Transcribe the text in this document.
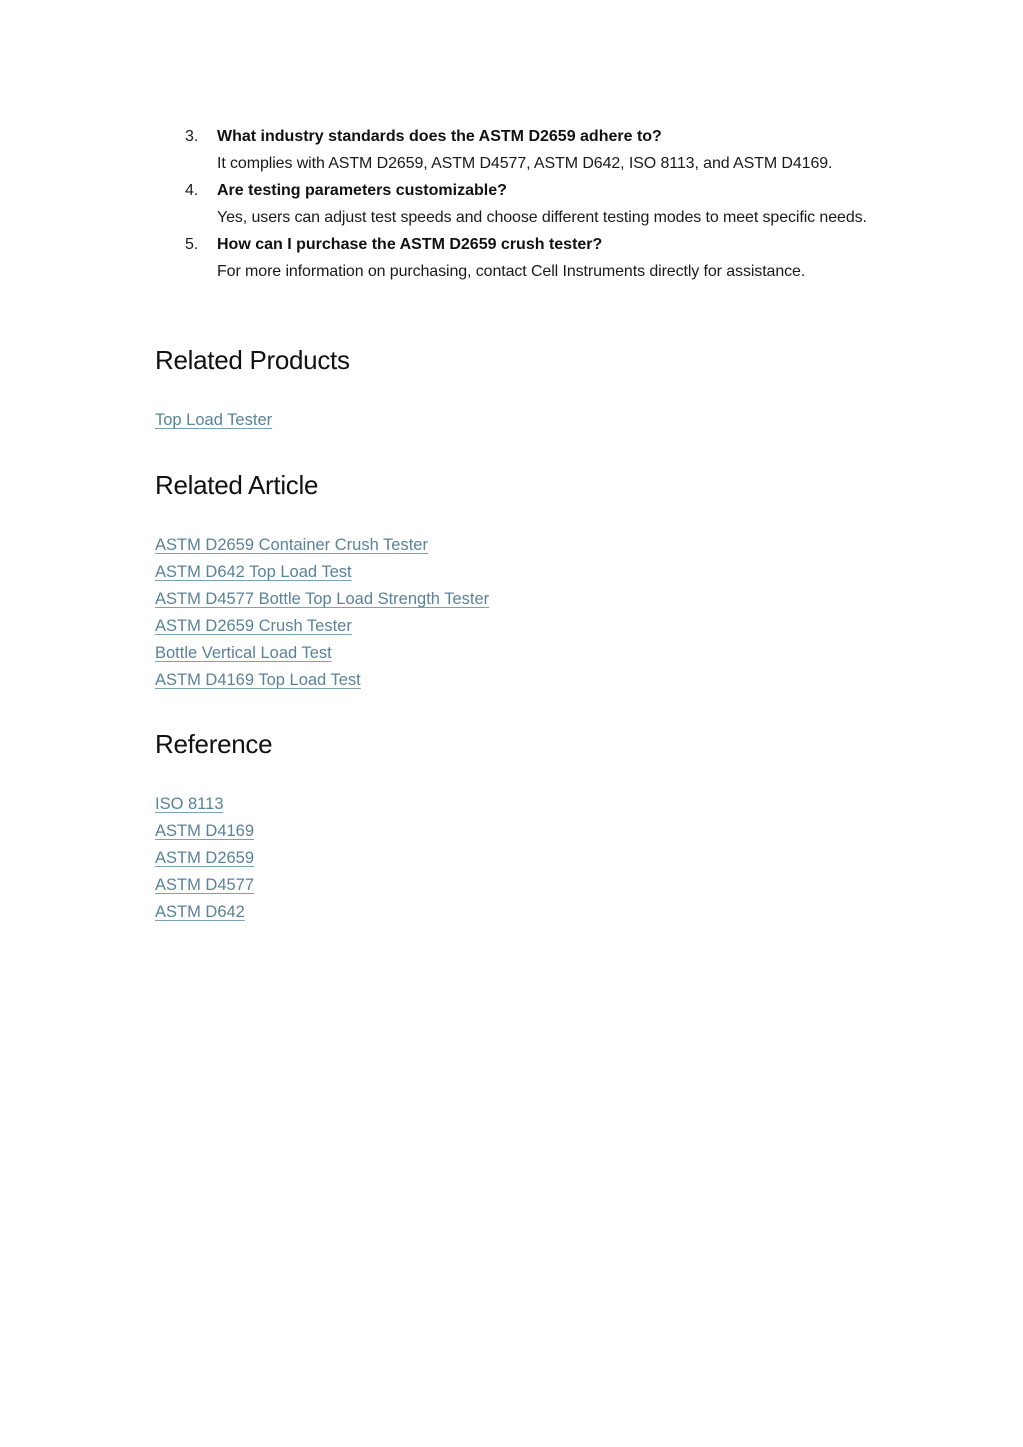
3. What industry standards does the ASTM D2659 adhere to?
It complies with ASTM D2659, ASTM D4577, ASTM D642, ISO 8113, and ASTM D4169.
4. Are testing parameters customizable?
Yes, users can adjust test speeds and choose different testing modes to meet specific needs.
5. How can I purchase the ASTM D2659 crush tester?
For more information on purchasing, contact Cell Instruments directly for assistance.
Related Products
Top Load Tester
Related Article
ASTM D2659 Container Crush Tester
ASTM D642 Top Load Test
ASTM D4577 Bottle Top Load Strength Tester
ASTM D2659 Crush Tester
Bottle Vertical Load Test
ASTM D4169 Top Load Test
Reference
ISO 8113
ASTM D4169
ASTM D2659
ASTM D4577
ASTM D642
